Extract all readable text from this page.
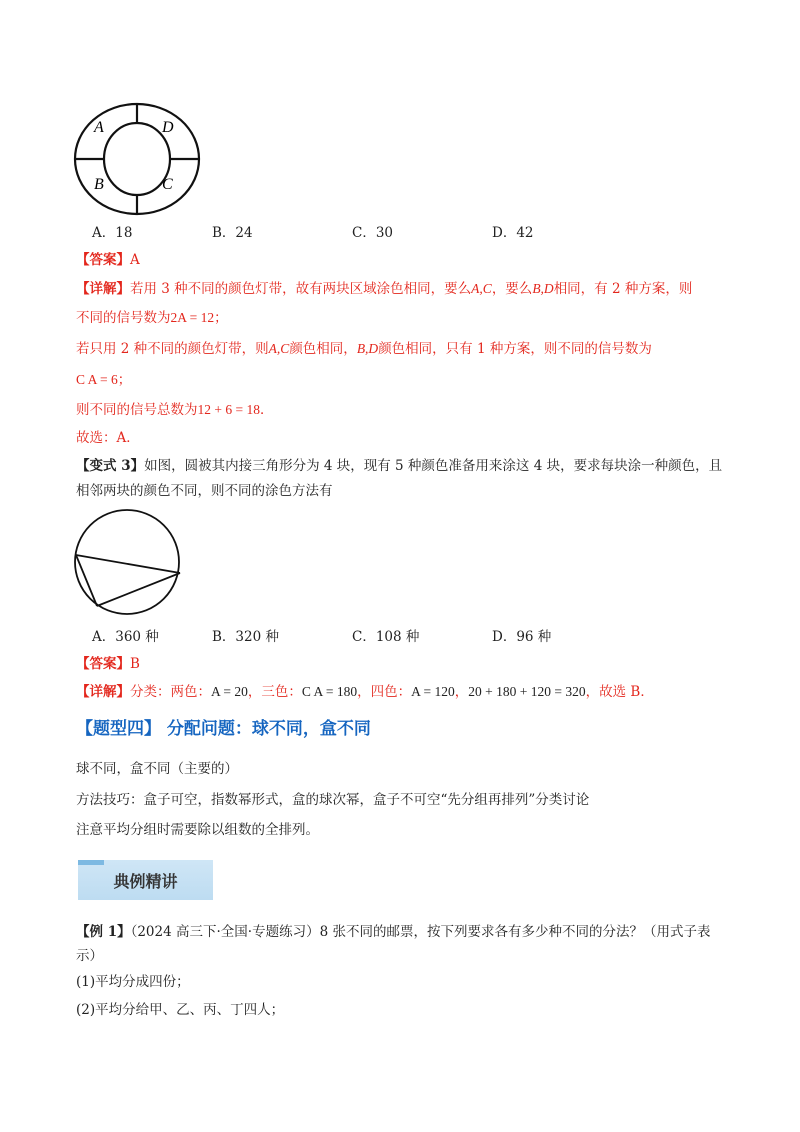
A	D
B	C
A．18	B．24	C．30	D．42
【答案】A
【详解】若用 3 种不同的颜色灯带，故有两块区域涂色相同，要么A,C，要么B,D相同，有 2 种方案，则
不同的信号数为2A = 12；
若只用 2 种不同的颜色灯带，则A,C颜色相同，B,D颜色相同，只有 1 种方案，则不同的信号数为
C A = 6；
则不同的信号总数为12 + 6 = 18．
故选：A．
【变式 3】如图，圆被其内接三角形分为 4 块，现有 5 种颜色准备用来涂这 4 块，要求每块涂一种颜色，且
相邻两块的颜色不同，则不同的涂色方法有
A．360 种	B．320 种	C．108 种	D．96 种
【答案】B
【详解】分类：两色：A = 20，三色：C A = 180，四色：A = 120，20 + 180 + 120 = 320，故选 B．
【题型四】 分配问题：球不同，盒不同
球不同，盒不同（主要的）
方法技巧：盒子可空，指数幂形式，盒的球次幂，盒子不可空“先分组再排列”分类讨论
注意平均分组时需要除以组数的全排列。
典例精讲
【例 1】（2024 高三下·全国·专题练习）8 张不同的邮票，按下列要求各有多少种不同的分法？（用式子表
示）
(1)平均分成四份；
(2)平均分给甲、乙、丙、丁四人；
